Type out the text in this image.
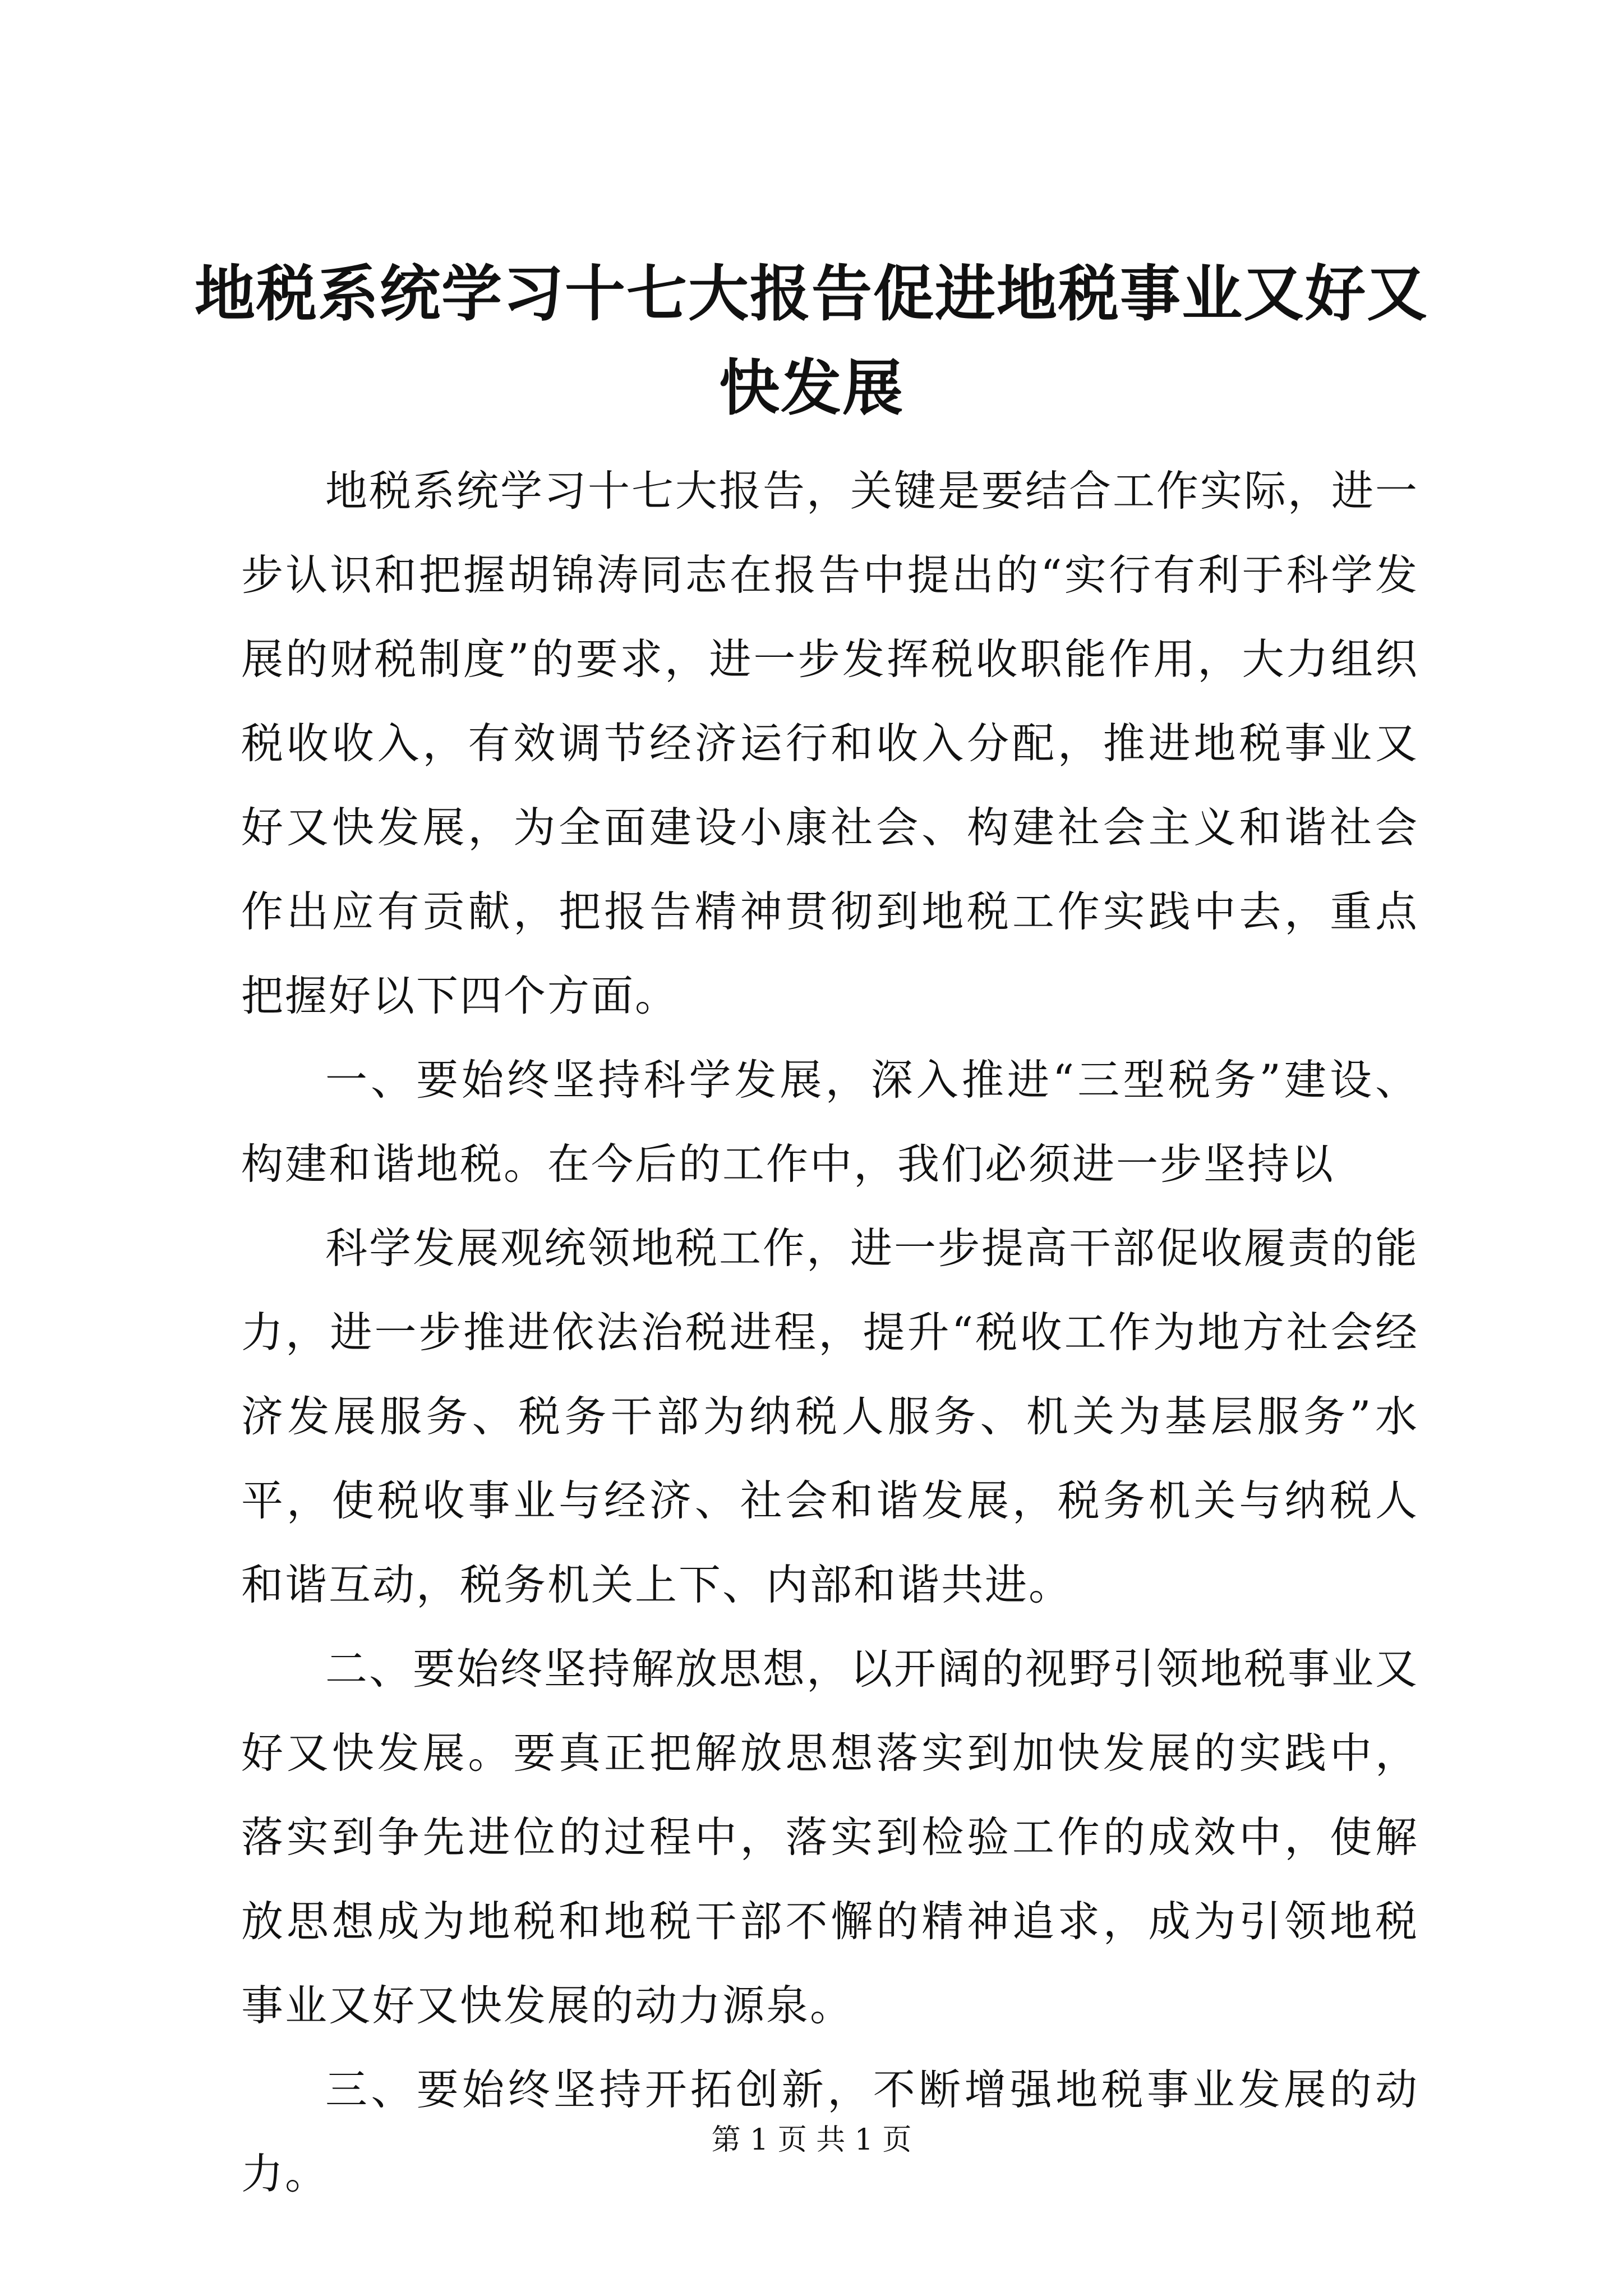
地税系统学习十七大报告促进地税事业又好又快发展

地税系统学习十七大报告，关键是要结合工作实际，进一步认识和把握胡锦涛同志在报告中提出的“实行有利于科学发展的财税制度”的要求，进一步发挥税收职能作用，大力组织税收收入，有效调节经济运行和收入分配，推进地税事业又好又快发展，为全面建设小康社会、构建社会主义和谐社会作出应有贡献，把报告精神贯彻到地税工作实践中去，重点把握好以下四个方面。

一、要始终坚持科学发展，深入推进“三型税务”建设、构建和谐地税。在今后的工作中，我们必须进一步坚持以

科学发展观统领地税工作，进一步提高干部促收履责的能力，进一步推进依法治税进程，提升“税收工作为地方社会经济发展服务、税务干部为纳税人服务、机关为基层服务”水平，使税收事业与经济、社会和谐发展，税务机关与纳税人和谐互动，税务机关上下、内部和谐共进。

二、要始终坚持解放思想，以开阔的视野引领地税事业又好又快发展。要真正把解放思想落实到加快发展的实践中，落实到争先进位的过程中，落实到检验工作的成效中，使解放思想成为地税和地税干部不懈的精神追求，成为引领地税事业又好又快发展的动力源泉。

三、要始终坚持开拓创新，不断增强地税事业发展的动力。

第 1 页 共 1 页
